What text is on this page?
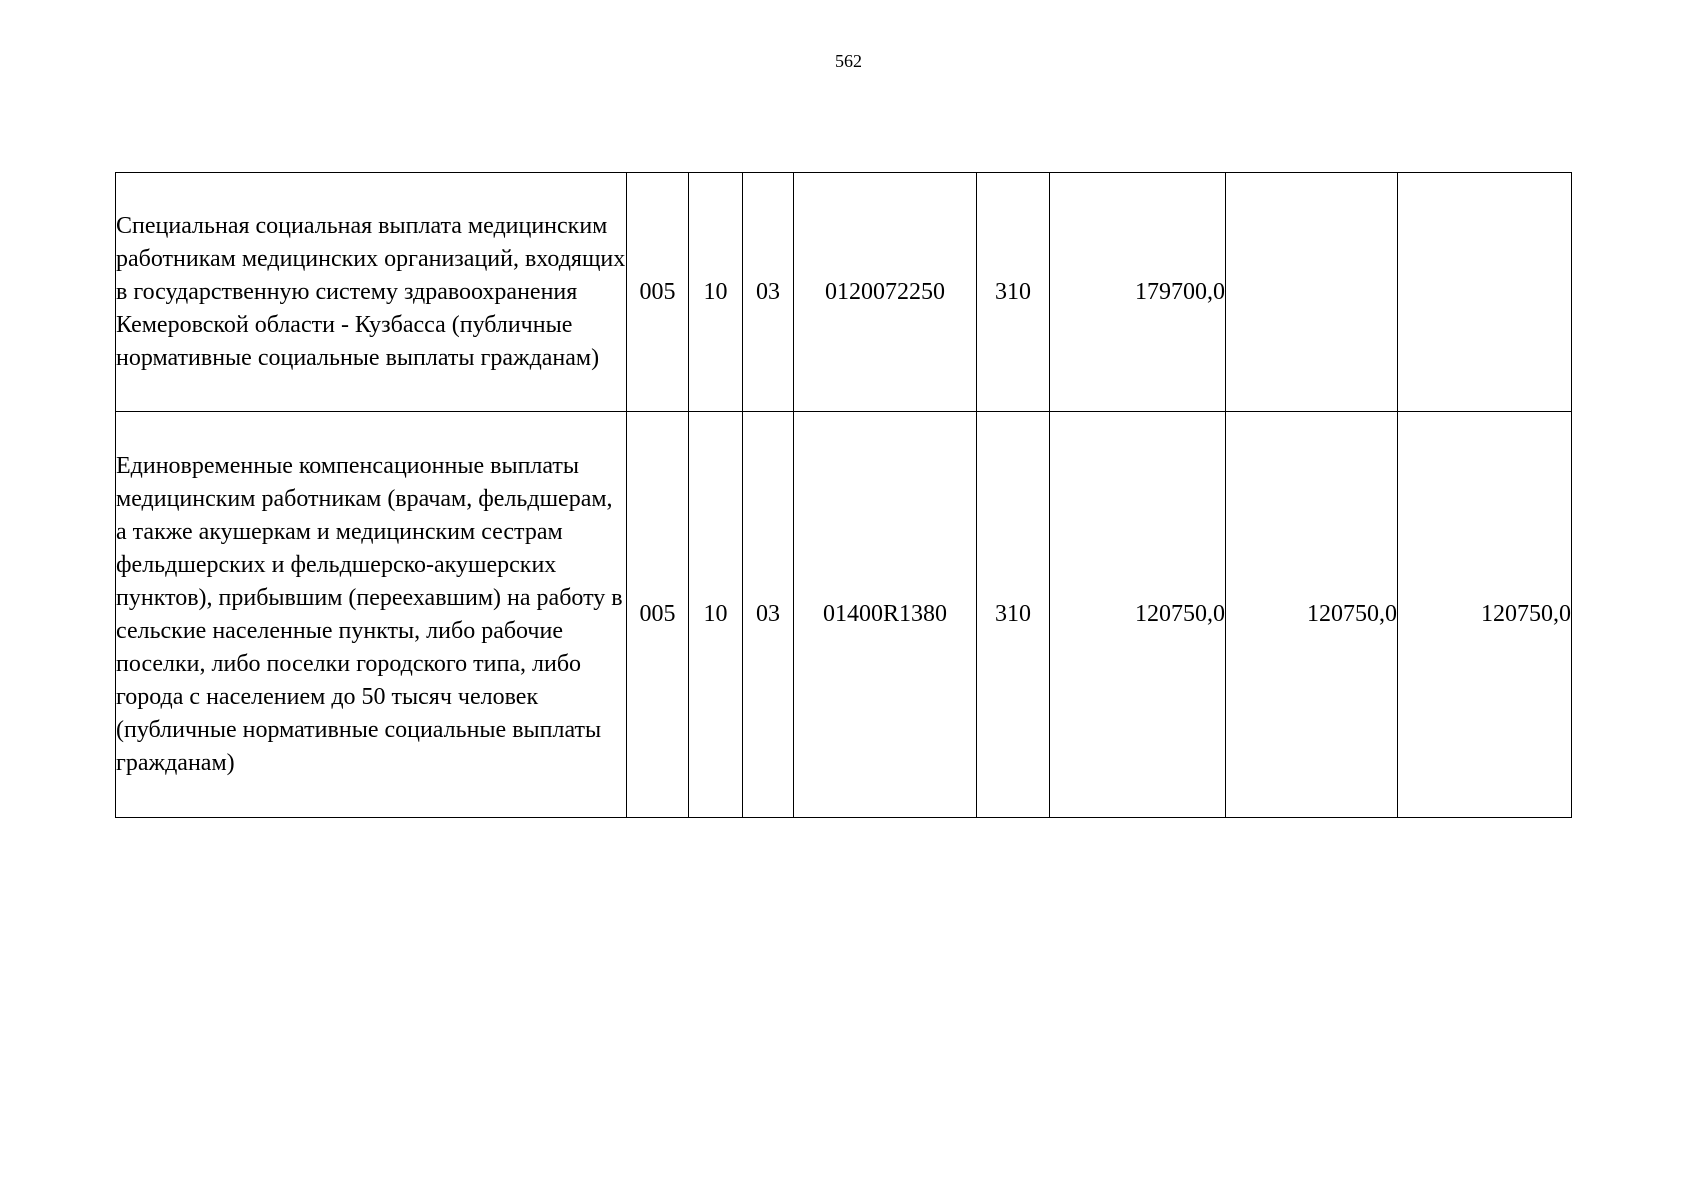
562
Специальная социальная выплата медицинским работникам медицинских организаций, входящих в государственную систему здравоохранения Кемеровской области - Кузбасса (публичные нормативные социальные выплаты гражданам)	005	10	03	0120072250	310	179700,0		
Единовременные компенсационные выплаты медицинским работникам (врачам, фельдшерам, а также акушеркам и медицинским сестрам фельдшерских и фельдшерско-акушерских пунктов), прибывшим (переехавшим) на работу в сельские населенные пункты, либо рабочие поселки, либо поселки городского типа, либо города с населением до 50 тысяч человек (публичные нормативные социальные выплаты гражданам)	005	10	03	01400R1380	310	120750,0	120750,0	120750,0
